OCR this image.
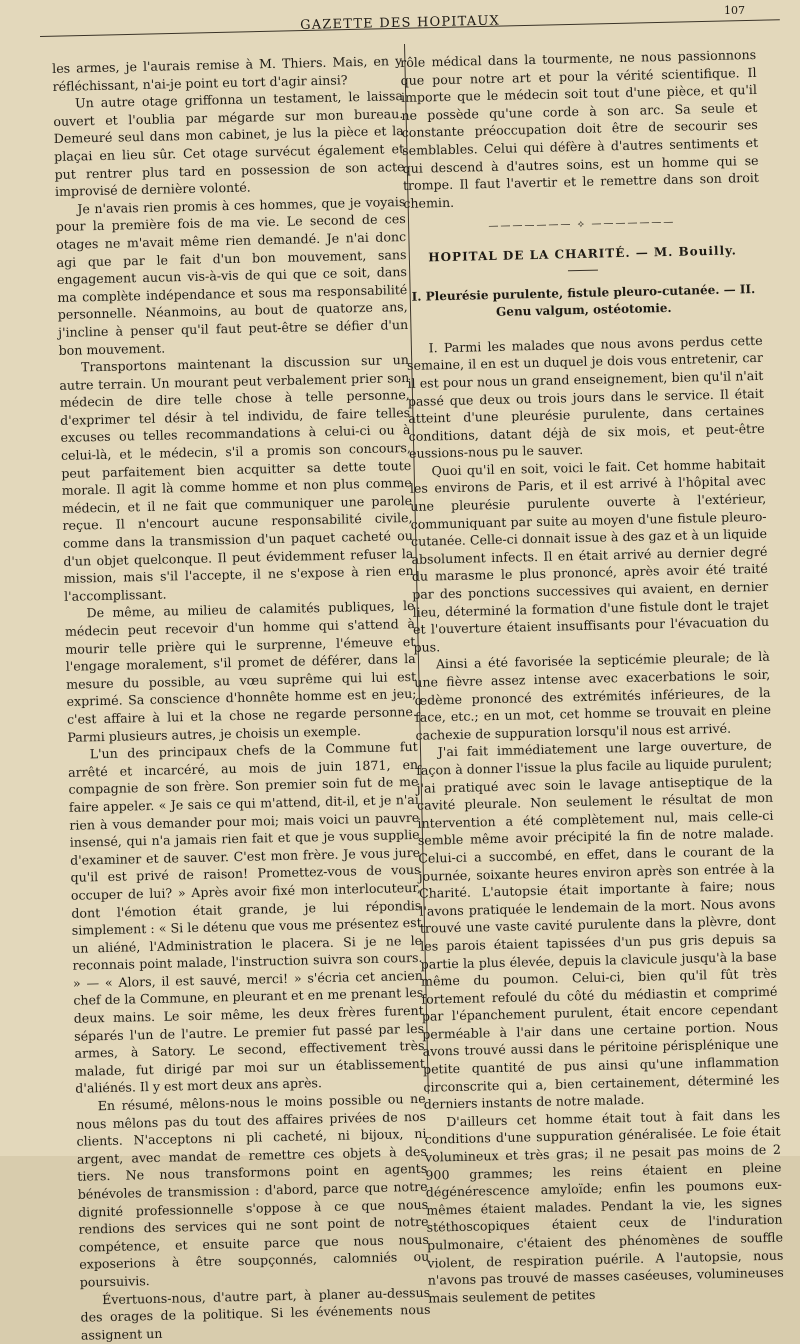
GAZETTE DES HOPITAUX
107

les armes, je l'aurais remise à M. Thiers. Mais, en y réfléchissant, n'ai-je point eu tort d'agir ainsi?

Un autre otage griffonna un testament, le laissa ouvert et l'oublia par mégarde sur mon bureau. Demeuré seul dans mon cabinet, je lus la pièce et la plaçai en lieu sûr. Cet otage survécut également et put rentrer plus tard en possession de son acte improvisé de dernière volonté.

Je n'avais rien promis à ces hommes, que je voyais pour la première fois de ma vie. Le second de ces otages ne m'avait même rien demandé. Je n'ai donc agi que par le fait d'un bon mouvement, sans engagement aucun vis-à-vis de qui que ce soit, dans ma complète indépendance et sous ma responsabilité personnelle. Néanmoins, au bout de quatorze ans, j'incline à penser qu'il faut peut-être se défier d'un bon mouvement.

Transportons maintenant la discussion sur un autre terrain. Un mourant peut verbalement prier son médecin de dire telle chose à telle personne, d'exprimer tel désir à tel individu, de faire telles excuses ou telles recommandations à celui-ci ou à celui-là, et le médecin, s'il a promis son concours, peut parfaitement bien acquitter sa dette toute morale. Il agit là comme homme et non plus comme médecin, et il ne fait que communiquer une parole reçue. Il n'encourt aucune responsabilité civile, comme dans la transmission d'un paquet cacheté ou d'un objet quelconque. Il peut évidemment refuser la mission, mais s'il l'accepte, il ne s'expose à rien en l'accomplissant.

De même, au milieu de calamités publiques, le médecin peut recevoir d'un homme qui s'attend à mourir telle prière qui le surprenne, l'émeuve et l'engage moralement, s'il promet de déférer, dans la mesure du possible, au vœu suprême qui lui est exprimé. Sa conscience d'honnête homme est en jeu; c'est affaire à lui et la chose ne regarde personne. Parmi plusieurs autres, je choisis un exemple.

L'un des principaux chefs de la Commune fut arrêté et incarcéré, au mois de juin 1871, en compagnie de son frère. Son premier soin fut de me faire appeler. « Je sais ce qui m'attend, dit-il, et je n'ai rien à vous demander pour moi; mais voici un pauvre insensé, qui n'a jamais rien fait et que je vous supplie d'examiner et de sauver. C'est mon frère. Je vous jure qu'il est privé de raison! Promettez-vous de vous occuper de lui? » Après avoir fixé mon interlocuteur, dont l'émotion était grande, je lui répondis simplement : « Si le détenu que vous me présentez est un aliéné, l'Administration le placera. Si je ne le reconnais point malade, l'instruction suivra son cours. » — « Alors, il est sauvé, merci! » s'écria cet ancien chef de la Commune, en pleurant et en me prenant les deux mains. Le soir même, les deux frères furent séparés l'un de l'autre. Le premier fut passé par les armes, à Satory. Le second, effectivement très malade, fut dirigé par moi sur un établissement d'aliénés. Il y est mort deux ans après.

En résumé, mêlons-nous le moins possible ou ne nous mêlons pas du tout des affaires privées de nos clients. N'acceptons ni pli cacheté, ni bijoux, ni argent, avec mandat de remettre ces objets à des tiers. Ne nous transformons point en agents bénévoles de transmission : d'abord, parce que notre dignité professionnelle s'oppose à ce que nous rendions des services qui ne sont point de notre compétence, et ensuite parce que nous nous exposerions à être soupçonnés, calomniés ou poursuivis.

Évertuons-nous, d'autre part, à planer au-dessus des orages de la politique. Si les événements nous assignent un

rôle médical dans la tourmente, ne nous passionnons que pour notre art et pour la vérité scientifique. Il importe que le médecin soit tout d'une pièce, et qu'il ne possède qu'une corde à son arc. Sa seule et constante préoccupation doit être de secourir ses semblables. Celui qui défère à d'autres sentiments et qui descend à d'autres soins, est un homme qui se trompe. Il faut l'avertir et le remettre dans son droit chemin.

——————— ⟡ ———————
HOPITAL DE LA CHARITÉ. — M. Bouilly.
I. Pleurésie purulente, fistule pleuro-cutanée. — II. Genu valgum, ostéotomie.

I. Parmi les malades que nous avons perdus cette semaine, il en est un duquel je dois vous entretenir, car il est pour nous un grand enseignement, bien qu'il n'ait passé que deux ou trois jours dans le service. Il était atteint d'une pleurésie purulente, dans certaines conditions, datant déjà de six mois, et peut-être eussions-nous pu le sauver.

Quoi qu'il en soit, voici le fait. Cet homme habitait les environs de Paris, et il est arrivé à l'hôpital avec une pleurésie purulente ouverte à l'extérieur, communiquant par suite au moyen d'une fistule pleuro-cutanée. Celle-ci donnait issue à des gaz et à un liquide absolument infects. Il en était arrivé au dernier degré du marasme le plus prononcé, après avoir été traité par des ponctions successives qui avaient, en dernier lieu, déterminé la formation d'une fistule dont le trajet et l'ouverture étaient insuffisants pour l'évacuation du pus.

Ainsi a été favorisée la septicémie pleurale; de là une fièvre assez intense avec exacerbations le soir, œdème prononcé des extrémités inférieures, de la face, etc.; en un mot, cet homme se trouvait en pleine cachexie de suppuration lorsqu'il nous est arrivé.

J'ai fait immédiatement une large ouverture, de façon à donner l'issue la plus facile au liquide purulent; j'ai pratiqué avec soin le lavage antiseptique de la cavité pleurale. Non seulement le résultat de mon intervention a été complètement nul, mais celle-ci semble même avoir précipité la fin de notre malade. Celui-ci a succombé, en effet, dans le courant de la journée, soixante heures environ après son entrée à la Charité. L'autopsie était importante à faire; nous l'avons pratiquée le lendemain de la mort. Nous avons trouvé une vaste cavité purulente dans la plèvre, dont les parois étaient tapissées d'un pus gris depuis sa partie la plus élevée, depuis la clavicule jusqu'à la base même du poumon. Celui-ci, bien qu'il fût très fortement refoulé du côté du médiastin et comprimé par l'épanchement purulent, était encore cependant perméable à l'air dans une certaine portion. Nous avons trouvé aussi dans le péritoine périsplénique une petite quantité de pus ainsi qu'une inflammation circonscrite qui a, bien certainement, déterminé les derniers instants de notre malade.

D'ailleurs cet homme était tout à fait dans les conditions d'une suppuration généralisée. Le foie était volumineux et très gras; il ne pesait pas moins de 2 900 grammes; les reins étaient en pleine dégénérescence amyloïde; enfin les poumons eux-mêmes étaient malades. Pendant la vie, les signes stéthoscopiques étaient ceux de l'induration pulmonaire, c'étaient des phénomènes de souffle violent, de respiration puérile. A l'autopsie, nous n'avons pas trouvé de masses caséeuses, volumineuses mais seulement de petites
